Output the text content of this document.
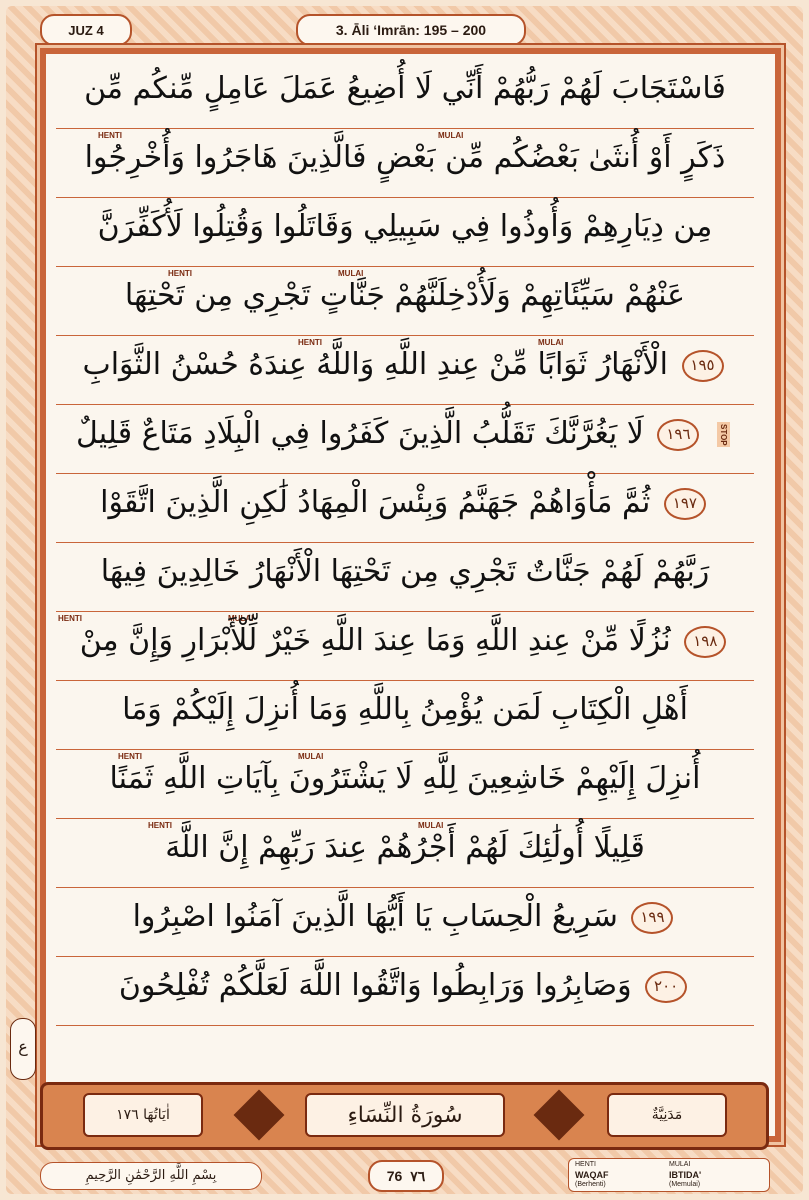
JUZ 4	3. Āli ʻImrān: 195 – 200
فَاسْتَجَابَ لَهُمْ رَبُّهُمْ أَنِّي لَا أُضِيعُ عَمَلَ عَامِلٍ مِّنكُم مِّن
HENTI	MULAI
ذَكَرٍ أَوْ أُنثَىٰ بَعْضُكُم مِّن بَعْضٍ فَالَّذِينَ هَاجَرُوا وَأُخْرِجُوا
مِن دِيَارِهِمْ وَأُوذُوا فِي سَبِيلِي وَقَاتَلُوا وَقُتِلُوا لَأُكَفِّرَنَّ
HENTI	MULAI
عَنْهُمْ سَيِّئَاتِهِمْ وَلَأُدْخِلَنَّهُمْ جَنَّاتٍ تَجْرِي مِن تَحْتِهَا
HENTI	MULAI
١٩٥ الْأَنْهَارُ ثَوَابًا مِّنْ عِندِ اللَّهِ وَاللَّهُ عِندَهُ حُسْنُ الثَّوَابِ
STOP ١٩٦ لَا يَغُرَّنَّكَ تَقَلُّبُ الَّذِينَ كَفَرُوا فِي الْبِلَادِ مَتَاعٌ قَلِيلٌ
١٩٧ ثُمَّ مَأْوَاهُمْ جَهَنَّمُ وَبِئْسَ الْمِهَادُ لَٰكِنِ الَّذِينَ اتَّقَوْا
رَبَّهُمْ لَهُمْ جَنَّاتٌ تَجْرِي مِن تَحْتِهَا الْأَنْهَارُ خَالِدِينَ فِيهَا
HENTI	MULAI
١٩٨ نُزُلًا مِّنْ عِندِ اللَّهِ وَمَا عِندَ اللَّهِ خَيْرٌ لِّلْأَبْرَارِ وَإِنَّ مِنْ
أَهْلِ الْكِتَابِ لَمَن يُؤْمِنُ بِاللَّهِ وَمَا أُنزِلَ إِلَيْكُمْ وَمَا
HENTI	MULAI
أُنزِلَ إِلَيْهِمْ خَاشِعِينَ لِلَّهِ لَا يَشْتَرُونَ بِآيَاتِ اللَّهِ ثَمَنًا
HENTI	MULAI
قَلِيلًا أُولَٰئِكَ لَهُمْ أَجْرُهُمْ عِندَ رَبِّهِمْ إِنَّ اللَّهَ
١٩٩ سَرِيعُ الْحِسَابِ يَا أَيُّهَا الَّذِينَ آمَنُوا اصْبِرُوا
٢٠٠ وَصَابِرُوا وَرَابِطُوا وَاتَّقُوا اللَّهَ لَعَلَّكُمْ تُفْلِحُونَ
ع
اٰيَاتُهَا ١٧٦	سُورَةُ النِّسَاءِ	مَدَنِيَّةٌ
بِسْمِ اللَّهِ الرَّحْمَٰنِ الرَّحِيمِ	76 ٧٦
HENTI	MULAI
WAQAF
(Berhenti)
IBTIDA'
(Memulai)
